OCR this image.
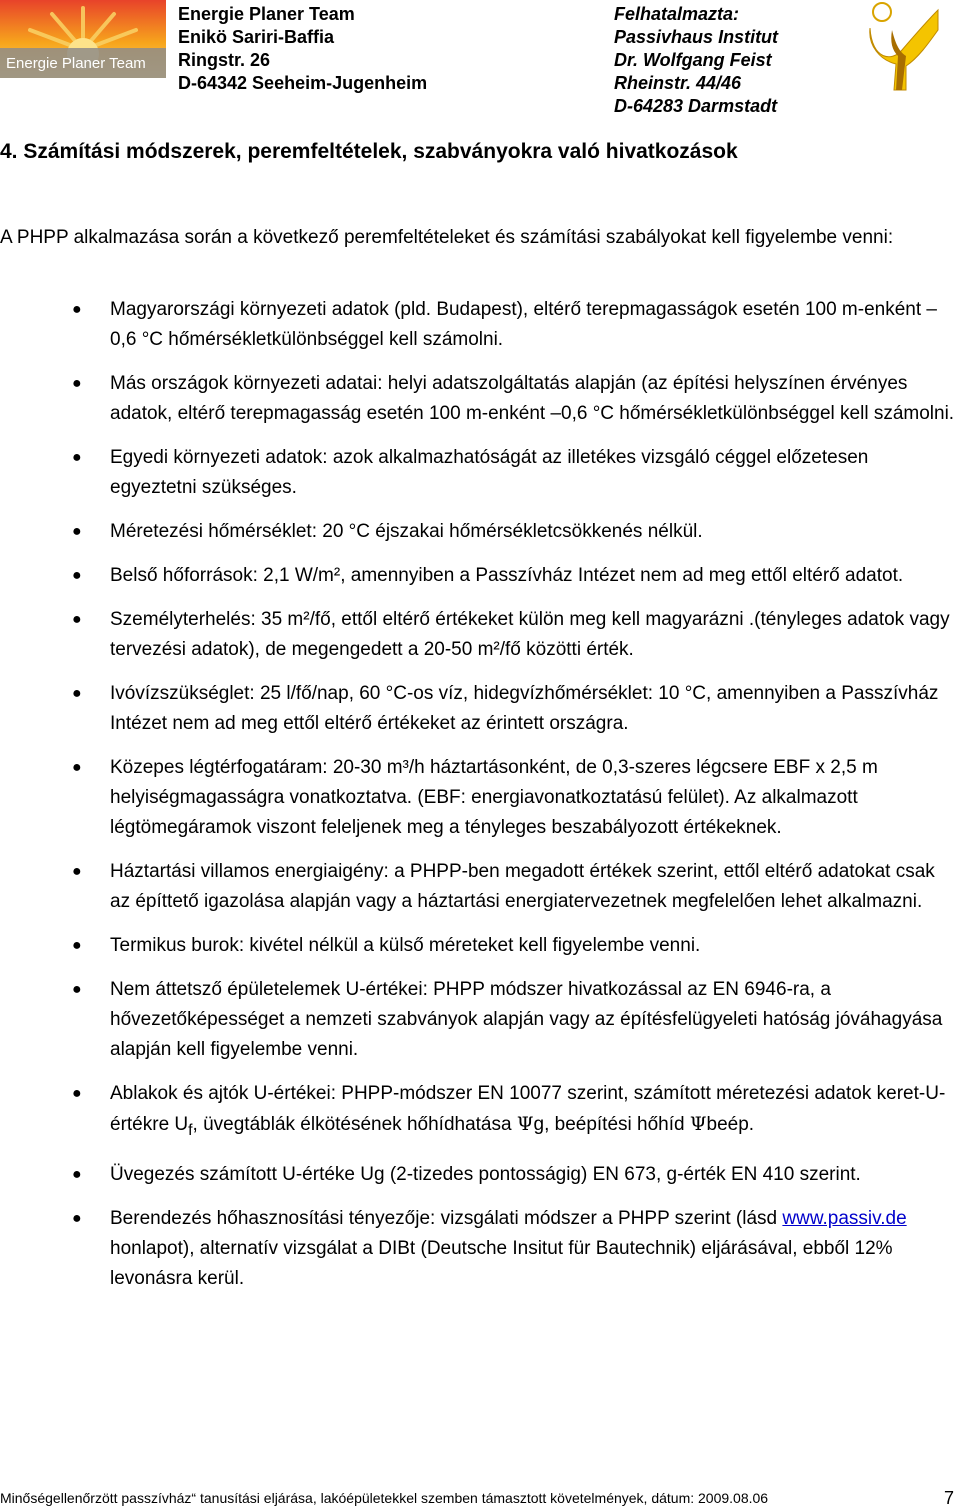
Energie Planer Team
Energie Planer Team
Enikö Sariri-Baffia
Ringstr. 26
D-64342 Seeheim-Jugenheim
Felhatalmazta:
Passivhaus Institut
Dr. Wolfgang Feist
Rheinstr. 44/46
D-64283 Darmstadt
4. Számítási módszerek, peremfeltételek, szabványokra való hivatkozások
A PHPP alkalmazása során a következő peremfeltételeket és számítási szabályokat kell figyelembe venni:
● Magyarországi környezeti adatok (pld. Budapest), eltérő terepmagasságok esetén 100 m-enként –0,6 °C hőmérsékletkülönbséggel kell számolni.
● Más országok környezeti adatai: helyi adatszolgáltatás alapján (az építési helyszínen érvényes adatok, eltérő terepmagasság esetén 100 m-enként –0,6 °C hőmérsékletkülönbséggel kell számolni.
● Egyedi környezeti adatok: azok alkalmazhatóságát az illetékes vizsgáló céggel előzetesen egyeztetni szükséges.
● Méretezési hőmérséklet: 20 °C éjszakai hőmérsékletcsökkenés nélkül.
● Belső hőforrások: 2,1 W/m², amennyiben a Passzívház Intézet nem ad meg ettől eltérő adatot.
● Személyterhelés: 35 m²/fő, ettől eltérő értékeket külön meg kell magyarázni .(tényleges adatok vagy tervezési adatok), de megengedett a 20-50 m²/fő közötti érték.
● Ivóvízszükséglet: 25 l/fő/nap, 60 °C-os víz, hidegvízhőmérséklet: 10 °C, amennyiben a Passzívház Intézet nem ad meg ettől eltérő értékeket az érintett országra.
● Közepes légtérfogatáram: 20-30 m³/h háztartásonként, de 0,3-szeres légcsere EBF x 2,5 m helyiségmagasságra vonatkoztatva. (EBF: energiavonatkoztatású felület). Az alkalmazott légtömegáramok viszont feleljenek meg a tényleges beszabályozott értékeknek.
● Háztartási villamos energiaigény: a PHPP-ben megadott értékek szerint, ettől eltérő adatokat csak az építtető igazolása alapján vagy a háztartási energiatervezetnek megfelelően lehet alkalmazni.
● Termikus burok: kivétel nélkül a külső méreteket kell figyelembe venni.
● Nem áttetsző épületelemek U-értékei: PHPP módszer hivatkozással az EN 6946-ra, a hővezetőképességet a nemzeti szabványok alapján vagy az építésfelügyeleti hatóság jóváhagyása alapján kell figyelembe venni.
● Ablakok és ajtók U-értékei: PHPP-módszer EN 10077 szerint, számított méretezési adatok keret-U-értékre $U_f$, üvegtáblák élkötésének hőhídhatása Ψg, beépítési hőhíd Ψbeép.
● Üvegezés számított U-értéke Ug (2-tizedes pontosságig) EN 673, g-érték EN 410 szerint.
● Berendezés hőhasznosítási tényezője: vizsgálati módszer a PHPP szerint (lásd www.passiv.de honlapot), alternatív vizsgálat a DIBt (Deutsche Insitut für Bautechnik) eljárásával, ebből 12% levonásra kerül.
Minőségellenőrzött passzívház“ tanusítási eljárása, lakóépületekkel szemben támasztott követelmények, dátum: 2009.08.06	7
